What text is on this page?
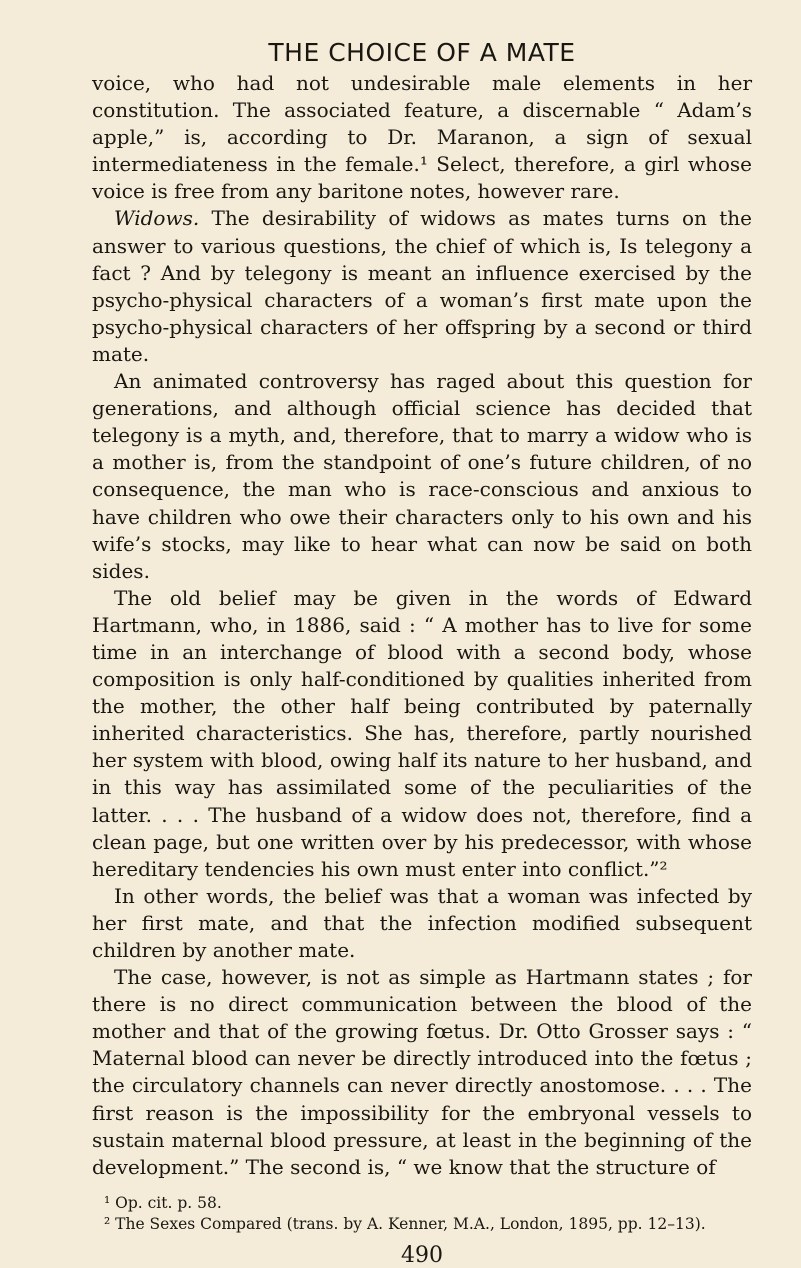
THE CHOICE OF A MATE

voice, who had not undesirable male elements in her constitution. The associated feature, a discernable “ Adam’s apple,” is, according to Dr. Maranon, a sign of sexual intermediateness in the female.¹ Select, therefore, a girl whose voice is free from any baritone notes, however rare.

Widows. The desirability of widows as mates turns on the answer to various questions, the chief of which is, Is telegony a fact ? And by telegony is meant an influence exercised by the psycho-physical characters of a woman’s first mate upon the psycho-physical characters of her offspring by a second or third mate.

An animated controversy has raged about this question for generations, and although official science has decided that telegony is a myth, and, therefore, that to marry a widow who is a mother is, from the standpoint of one’s future children, of no consequence, the man who is race-conscious and anxious to have children who owe their characters only to his own and his wife’s stocks, may like to hear what can now be said on both sides.

The old belief may be given in the words of Edward Hartmann, who, in 1886, said : “ A mother has to live for some time in an interchange of blood with a second body, whose composition is only half-conditioned by qualities inherited from the mother, the other half being contributed by paternally inherited characteristics. She has, therefore, partly nourished her system with blood, owing half its nature to her husband, and in this way has assimilated some of the peculiarities of the latter. . . . The husband of a widow does not, therefore, find a clean page, but one written over by his predecessor, with whose hereditary tendencies his own must enter into conflict.”²

In other words, the belief was that a woman was infected by her first mate, and that the infection modified subsequent children by another mate.

The case, however, is not as simple as Hartmann states ; for there is no direct communication between the blood of the mother and that of the growing fœtus. Dr. Otto Grosser says : “ Maternal blood can never be directly introduced into the fœtus ; the circulatory channels can never directly anostomose. . . . The first reason is the impossibility for the embryonal vessels to sustain maternal blood pressure, at least in the beginning of the development.” The second is, “ we know that the structure of

¹ Op. cit. p. 58.

² The Sexes Compared (trans. by A. Kenner, M.A., London, 1895, pp. 12–13).

490
